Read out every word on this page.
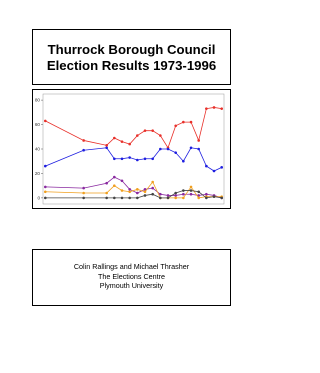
Thurrock Borough Council
Election Results 1973-1996
0
20
40
60
80
Colin Rallings and Michael Thrasher
The Elections Centre
Plymouth University
